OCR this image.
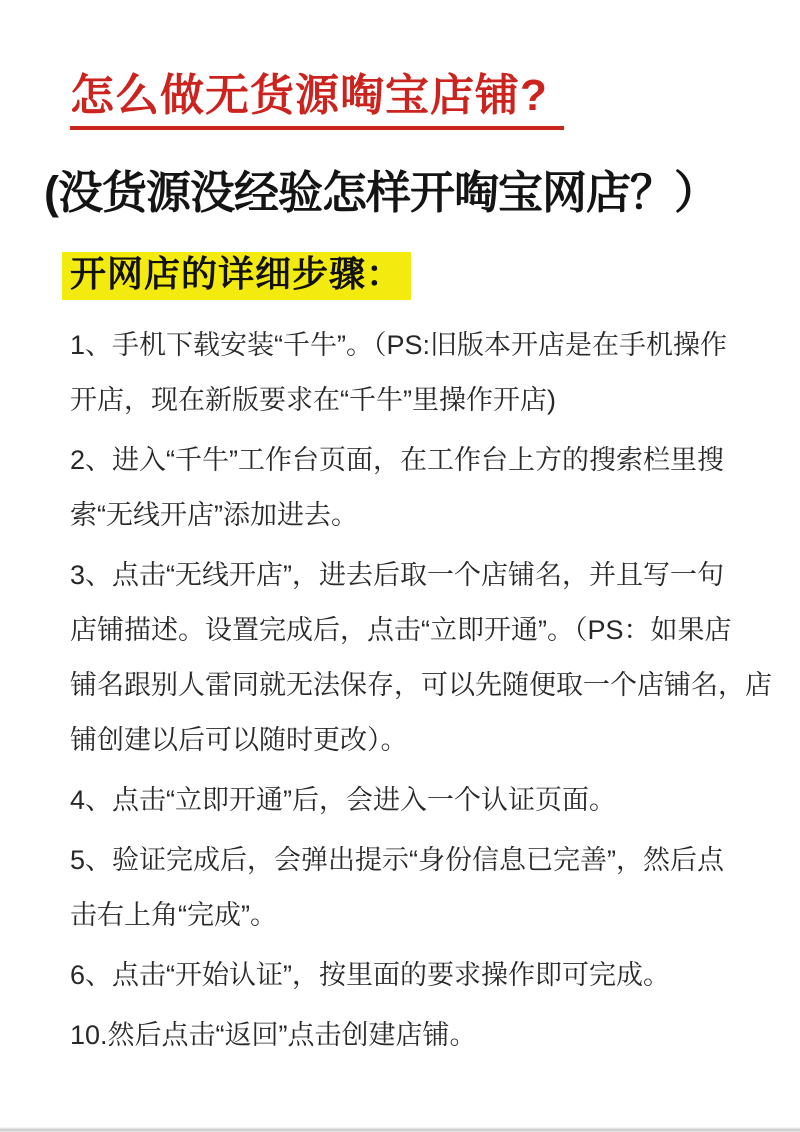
怎么做无货源啕宝店铺?
(没货源没经验怎样开啕宝网店？）
开网店的详细步骤：
1、手机下载安装“千牛”。（PS:旧版本开店是在手机操作
开店，现在新版要求在“千牛”里操作开店)
2、进入“千牛”工作台页面，在工作台上方的搜索栏里搜
索“无线开店”添加进去。
3、点击“无线开店”，进去后取一个店铺名，并且写一句
店铺描述。设置完成后，点击“立即开通”。（PS：如果店
铺名跟别人雷同就无法保存，可以先随便取一个店铺名，店
铺创建以后可以随时更改）。
4、点击“立即开通”后，会进入一个认证页面。
5、验证完成后，会弹出提示“身份信息已完善”，然后点
击右上角“完成”。
6、点击“开始认证”，按里面的要求操作即可完成。
10.然后点击“返回”点击创建店铺。
